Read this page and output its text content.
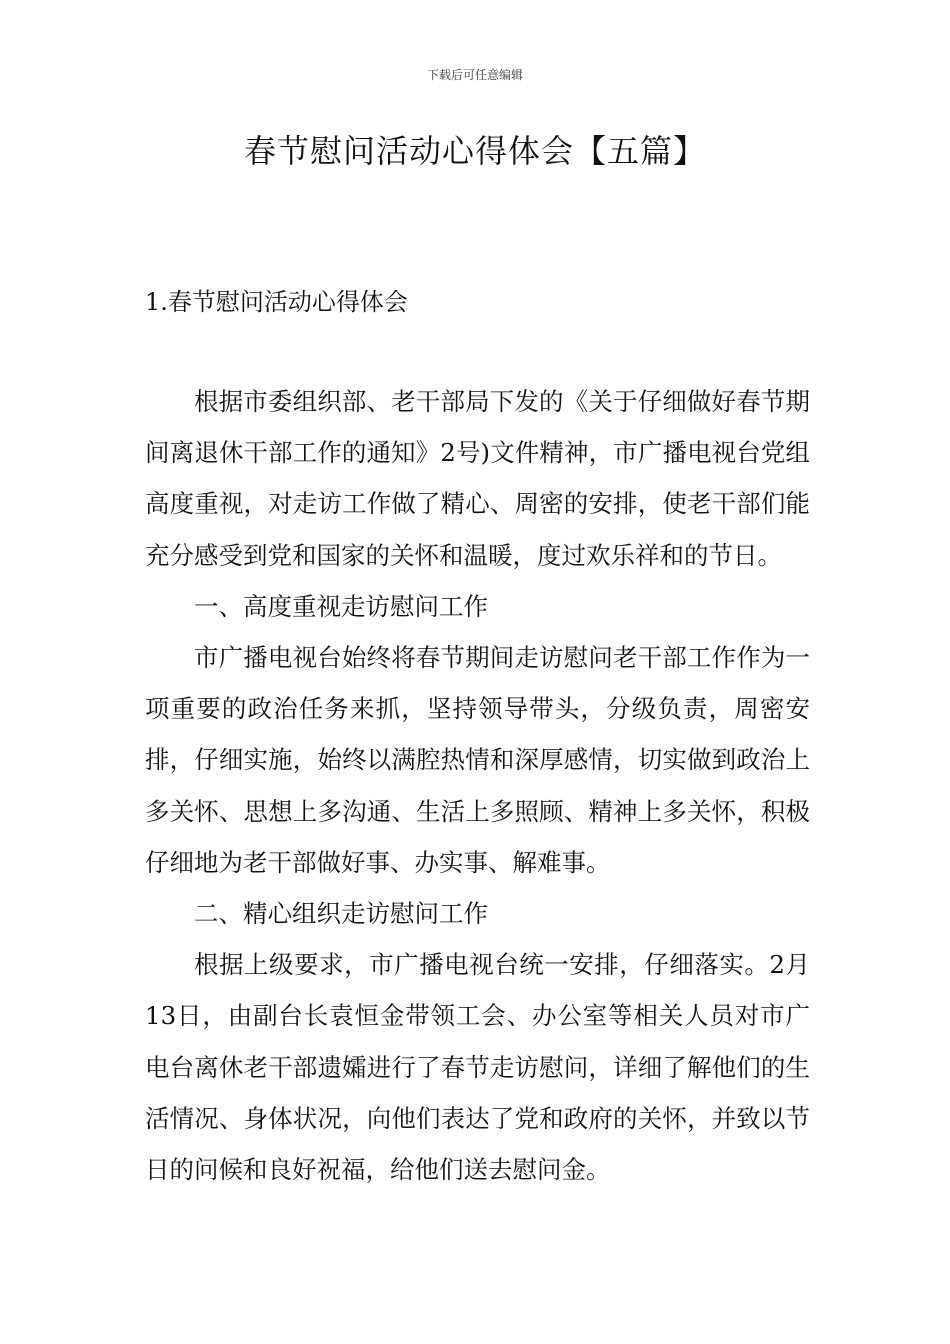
下载后可任意编辑
春节慰问活动心得体会【五篇】
1.春节慰问活动心得体会

根据市委组织部、老干部局下发的《关于仔细做好春节期间离退休干部工作的通知》2号)文件精神，市广播电视台党组高度重视，对走访工作做了精心、周密的安排，使老干部们能充分感受到党和国家的关怀和温暖，度过欢乐祥和的节日。

一、高度重视走访慰问工作

市广播电视台始终将春节期间走访慰问老干部工作作为一项重要的政治任务来抓，坚持领导带头，分级负责，周密安排，仔细实施，始终以满腔热情和深厚感情，切实做到政治上多关怀、思想上多沟通、生活上多照顾、精神上多关怀，积极仔细地为老干部做好事、办实事、解难事。

二、精心组织走访慰问工作

根据上级要求，市广播电视台统一安排，仔细落实。2月13日，由副台长袁恒金带领工会、办公室等相关人员对市广电台离休老干部遗孀进行了春节走访慰问，详细了解他们的生活情况、身体状况，向他们表达了党和政府的关怀，并致以节日的问候和良好祝福，给他们送去慰问金。
